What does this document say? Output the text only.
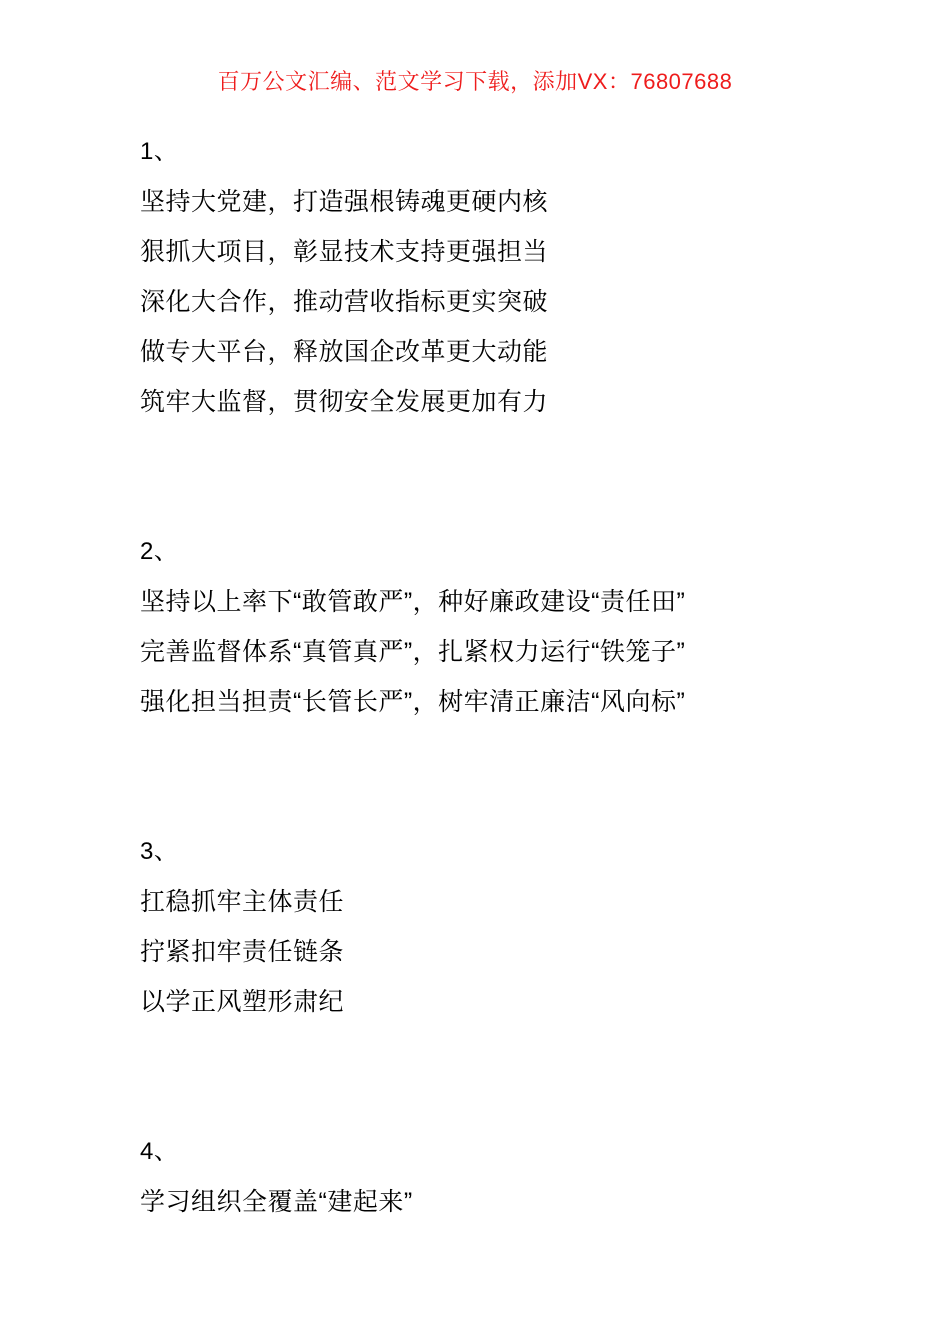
百万公文汇编、范文学习下载，添加VX：76807688

1、

坚持大党建，打造强根铸魂更硬内核

狠抓大项目，彰显技术支持更强担当

深化大合作，推动营收指标更实突破

做专大平台，释放国企改革更大动能

筑牢大监督，贯彻安全发展更加有力

2、

坚持以上率下“敢管敢严”，种好廉政建设“责任田”

完善监督体系“真管真严”，扎紧权力运行“铁笼子”

强化担当担责“长管长严”，树牢清正廉洁“风向标”

3、

扛稳抓牢主体责任

拧紧扣牢责任链条

以学正风塑形肃纪

4、

学习组织全覆盖“建起来”
